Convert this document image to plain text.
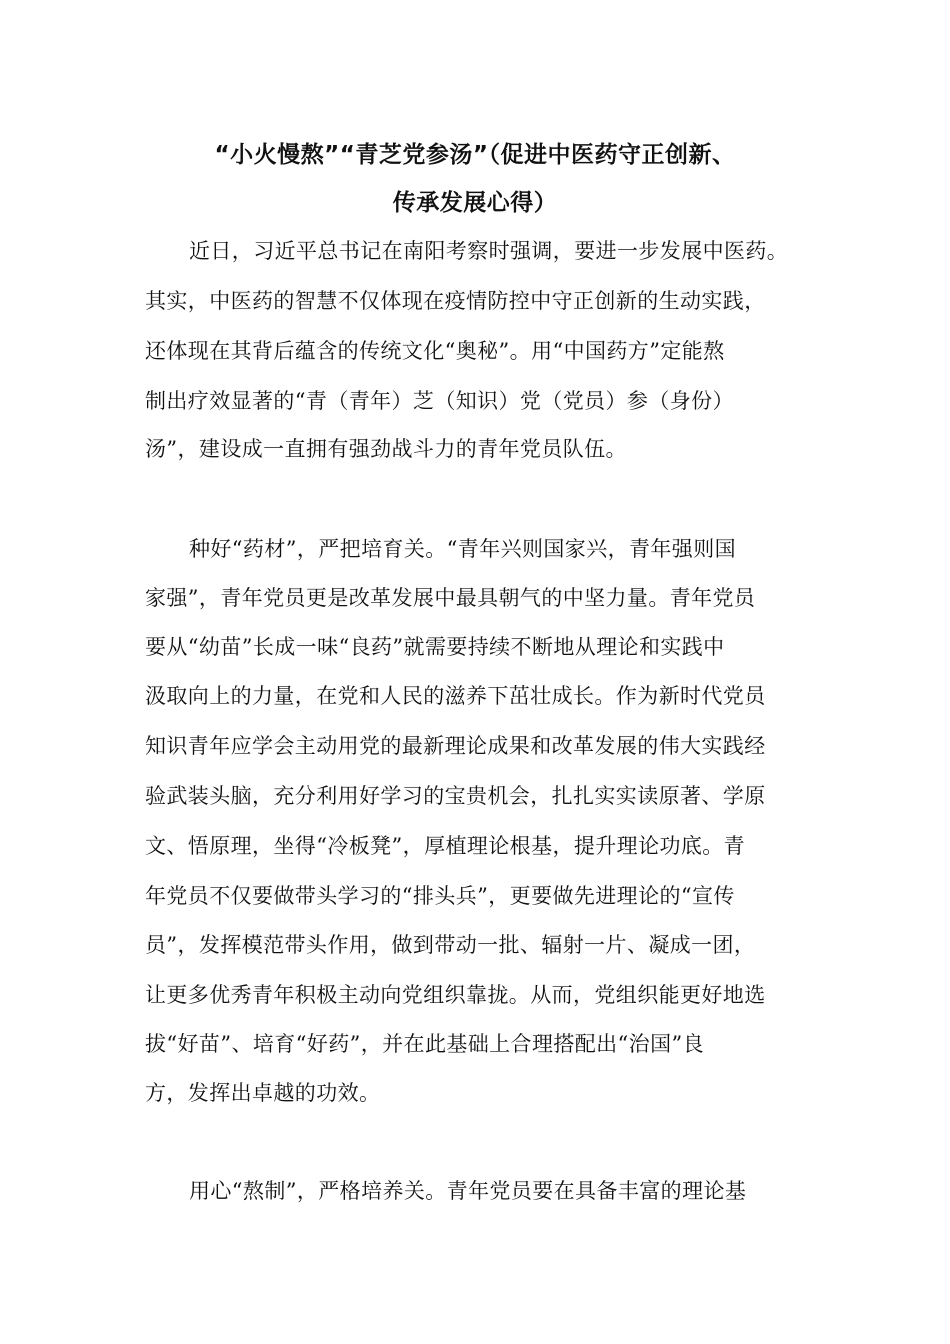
“小火慢熬”“青芝党参汤”（促进中医药守正创新、
传承发展心得）
近日，习近平总书记在南阳考察时强调，要进一步发展中医药。
其实，中医药的智慧不仅体现在疫情防控中守正创新的生动实践，
还体现在其背后蕴含的传统文化“奥秘”。用“中国药方”定能熬
制出疗效显著的“青（青年）芝（知识）党（党员）参（身份）
汤”，建设成一直拥有强劲战斗力的青年党员队伍。
种好“药材”，严把培育关。“青年兴则国家兴，青年强则国
家强”，青年党员更是改革发展中最具朝气的中坚力量。青年党员
要从“幼苗”长成一味“良药”就需要持续不断地从理论和实践中
汲取向上的力量，在党和人民的滋养下茁壮成长。作为新时代党员
知识青年应学会主动用党的最新理论成果和改革发展的伟大实践经
验武装头脑，充分利用好学习的宝贵机会，扎扎实实读原著、学原
文、悟原理，坐得“冷板凳”，厚植理论根基，提升理论功底。青
年党员不仅要做带头学习的“排头兵”，更要做先进理论的“宣传
员”，发挥模范带头作用，做到带动一批、辐射一片、凝成一团，
让更多优秀青年积极主动向党组织靠拢。从而，党组织能更好地选
拔“好苗”、培育“好药”，并在此基础上合理搭配出“治国”良
方，发挥出卓越的功效。
用心“熬制”，严格培养关。青年党员要在具备丰富的理论基
